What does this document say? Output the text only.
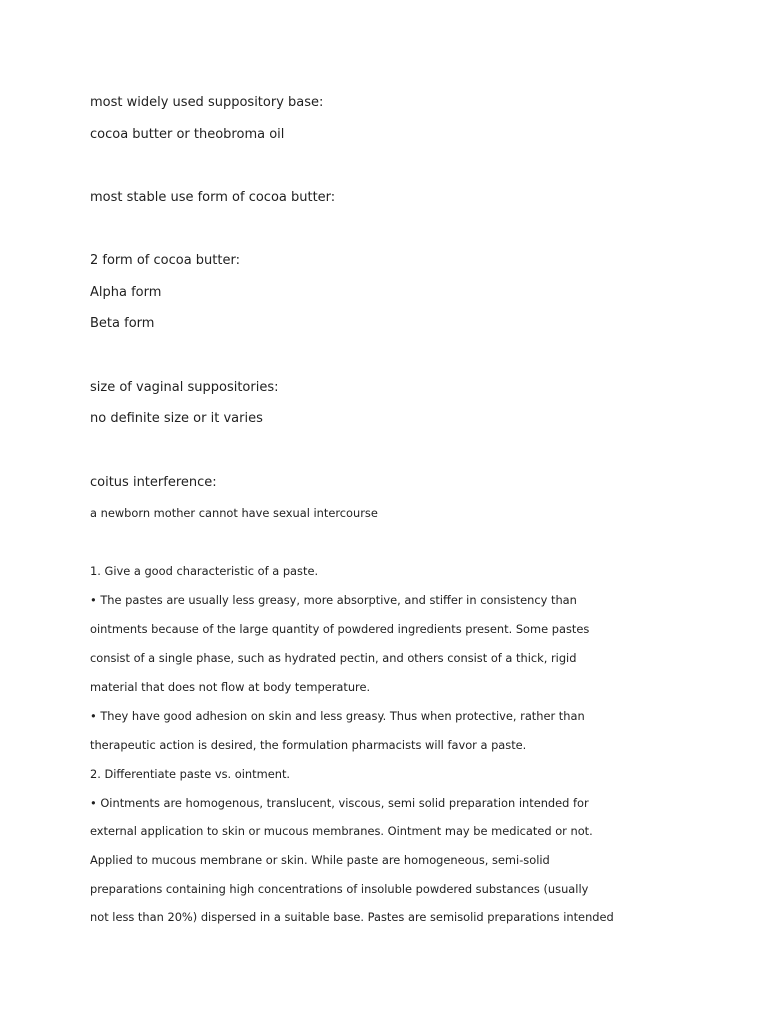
most widely used suppository base:
cocoa butter or theobroma oil
most stable use form of cocoa butter:
2 form of cocoa butter:
Alpha form
Beta form
size of vaginal suppositories:
no definite size or it varies
coitus interference:
a newborn mother cannot have sexual intercourse
1. Give a good characteristic of a paste.
• The pastes are usually less greasy, more absorptive, and stiffer in consistency than
ointments because of the large quantity of powdered ingredients present. Some pastes
consist of a single phase, such as hydrated pectin, and others consist of a thick, rigid
material that does not flow at body temperature.
• They have good adhesion on skin and less greasy. Thus when protective, rather than
therapeutic action is desired, the formulation pharmacists will favor a paste.
2. Differentiate paste vs. ointment.
• Ointments are homogenous, translucent, viscous, semi solid preparation intended for
external application to skin or mucous membranes. Ointment may be medicated or not.
Applied to mucous membrane or skin. While paste are homogeneous, semi-solid
preparations containing high concentrations of insoluble powdered substances (usually
not less than 20%) dispersed in a suitable base. Pastes are semisolid preparations intended
